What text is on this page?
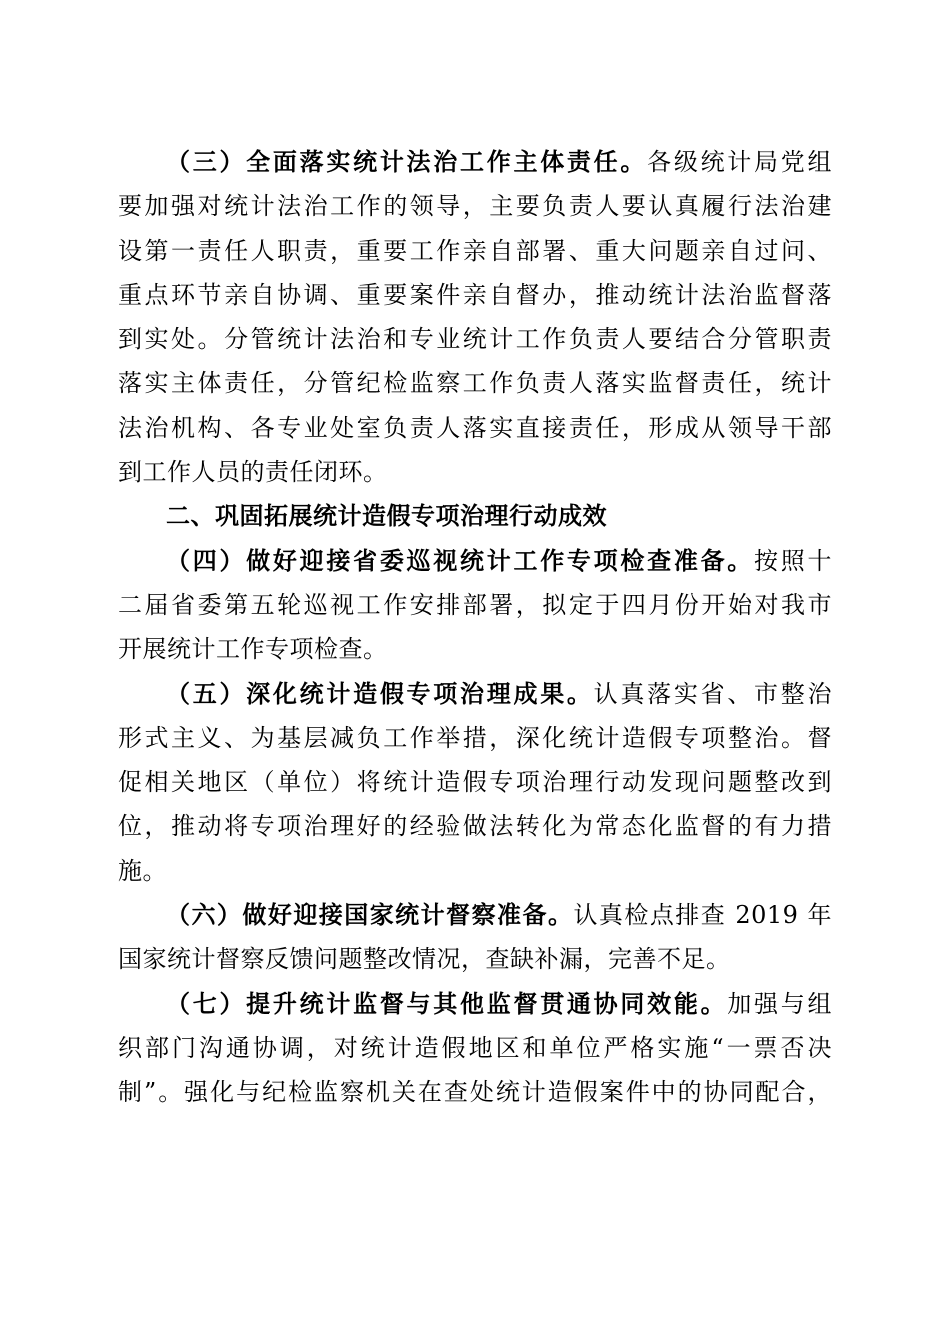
（三）全面落实统计法治工作主体责任。各级统计局党组
要加强对统计法治工作的领导，主要负责人要认真履行法治建
设第一责任人职责，重要工作亲自部署、重大问题亲自过问、
重点环节亲自协调、重要案件亲自督办，推动统计法治监督落
到实处。分管统计法治和专业统计工作负责人要结合分管职责
落实主体责任，分管纪检监察工作负责人落实监督责任，统计
法治机构、各专业处室负责人落实直接责任，形成从领导干部
到工作人员的责任闭环。
二、巩固拓展统计造假专项治理行动成效
（四）做好迎接省委巡视统计工作专项检查准备。按照十
二届省委第五轮巡视工作安排部署，拟定于四月份开始对我市
开展统计工作专项检查。
（五）深化统计造假专项治理成果。认真落实省、市整治
形式主义、为基层减负工作举措，深化统计造假专项整治。督
促相关地区（单位）将统计造假专项治理行动发现问题整改到
位，推动将专项治理好的经验做法转化为常态化监督的有力措
施。
（六）做好迎接国家统计督察准备。认真检点排查 2019 年
国家统计督察反馈问题整改情况，查缺补漏，完善不足。
（七）提升统计监督与其他监督贯通协同效能。加强与组
织部门沟通协调，对统计造假地区和单位严格实施“一票否决
制”。强化与纪检监察机关在查处统计造假案件中的协同配合，
